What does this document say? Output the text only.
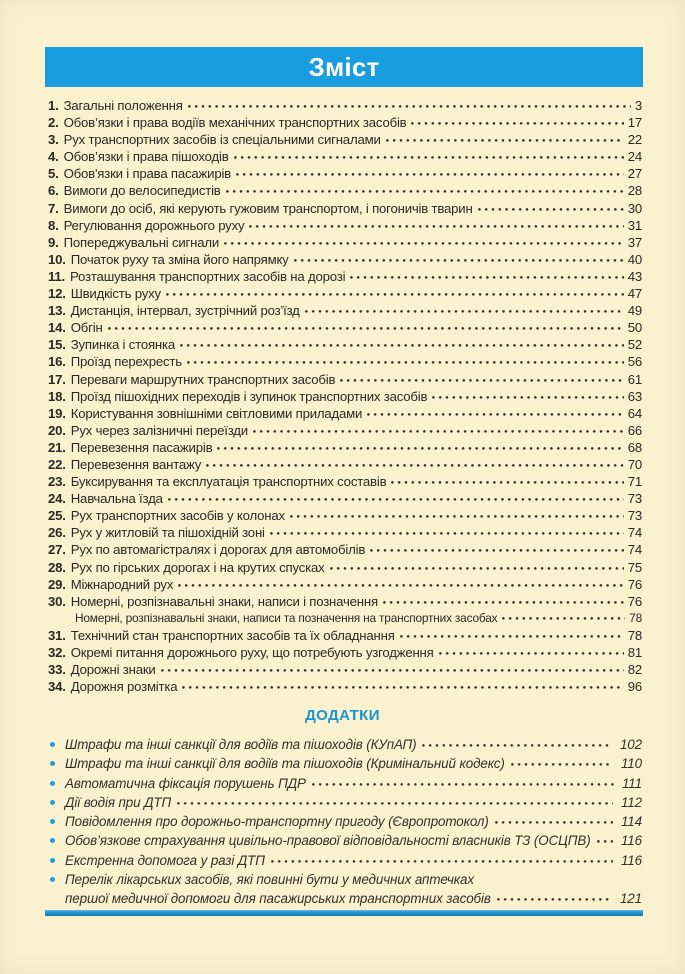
Зміст
1. Загальні положення	3
2. Обов’язки і права водіїв механічних транспортних засобів	17
3. Рух транспортних засобів із спеціальними сигналами	22
4. Обов’язки і права пішоходів	24
5. Обов'язки і права пасажирів	27
6. Вимоги до велосипедистів	28
7. Вимоги до осіб, які керують гужовим транспортом, і погоничів тварин	30
8. Регулювання дорожнього руху	31
9. Попереджувальні сигнали	37
10. Початок руху та зміна його напрямку	40
11. Розташування транспортних засобів на дорозі	43
12. Швидкість руху	47
13. Дистанція, інтервал, зустрічний роз’їзд	49
14. Обгін	50
15. Зупинка і стоянка	52
16. Проїзд перехресть	56
17. Переваги маршрутних транспортних засобів	61
18. Проїзд пішохідних переходів і зупинок транспортних засобів	63
19. Користування зовнішніми світловими приладами	64
20. Рух через залізничні переїзди	66
21. Перевезення пасажирів	68
22. Перевезення вантажу	70
23. Буксирування та експлуатація транспортних составів	71
24. Навчальна їзда	73
25. Рух транспортних засобів у колонах	73
26. Рух у житловій та пішохідній зоні	74
27. Рух по автомагістралях і дорогах для автомобілів	74
28. Рух по гірських дорогах і на крутих спусках	75
29. Міжнародний рух	76
30. Номерні, розпізнавальні знаки, написи і позначення	76
Номерні, розпізнавальні знаки, написи та позначення на транспортних засобах	78
31. Технічний стан транспортних засобів та їх обладнання	78
32. Окремі питання дорожнього руху, що потребують узгодження	81
33. Дорожні знаки	82
34. Дорожня розмітка	96
ДОДАТКИ
Штрафи та інші санкції для водіїв та пішоходів (КУпАП)	102
Штрафи та інші санкції для водіїв та пішоходів (Кримінальний кодекс)	110
Автоматична фіксація порушень ПДР	111
Дії водія при ДТП	112
Повідомлення про дорожньо-транспортну пригоду (Європротокол)	114
Обов’язкове страхування цивільно-правової відповідальності власників ТЗ (ОСЦПВ) 116
Екстренна допомога у разі ДТП	116
Перелік лікарських засобів, які повинні бути у медичних аптечках
першої медичної допомоги для пасажирських транспортних засобів	121
